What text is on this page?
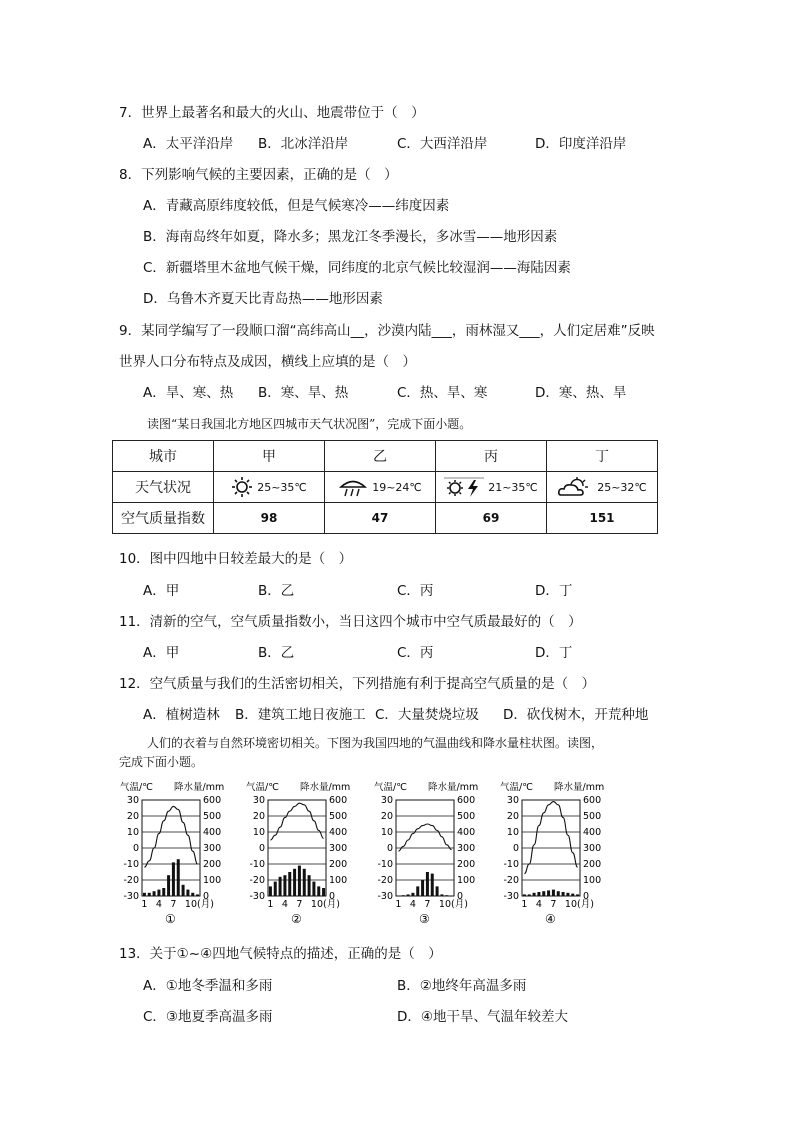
7．世界上最著名和最大的火山、地震带位于（　）
A．太平洋沿岸 B．北冰洋沿岸	C．大西洋沿岸	D．印度洋沿岸
8．下列影响气候的主要因素，正确的是（　）
A．青藏高原纬度较低，但是气候寒冷——纬度因素
B．海南岛终年如夏，降水多；黑龙江冬季漫长，多冰雪——地形因素
C．新疆塔里木盆地气候干燥，同纬度的北京气候比较湿润——海陆因素
D．乌鲁木齐夏天比青岛热——地形因素
9．某同学编写了一段顺口溜“高纬高山__，沙漠内陆___，雨林湿又___，人们定居难”反映
世界人口分布特点及成因，横线上应填的是（　）
A．旱、寒、热 B．寒、旱、热	C．热、旱、寒	D．寒、热、旱
读图“某日我国北方地区四城市天气状况图”，完成下面小题。
城市	甲	乙	丙	丁
天气状况	25~35℃	19~24℃	21~35℃	25~32℃

空气质量指数	98	47	69	151
10．图中四地中日较差最大的是（　）
A．甲	B．乙	C．丙	D．丁
11．清新的空气，空气质量指数小，当日这四个城市中空气质最最好的（　）
A．甲	B．乙	C．丙	D．丁
12．空气质量与我们的生活密切相关，下列措施有利于提高空气质量的是（　）
A．植树造林 B．建筑工地日夜施工 C．大量焚烧垃圾 D．砍伐树木，开荒种地
人们的衣着与自然环境密切相关。下图为我国四地的气温曲线和降水量柱状图。读图，
完成下面小题。
气温/℃ 降水量/mm
30	600
20	500
10	400
0	300
-10	200
-20	100
-30	0
1 4 7 10(月)
①
气温/℃ 降水量/mm
30	600
20	500
10	400
0	300
-10	200
-20	100
-30	0
1 4 7 10(月)
②
气温/℃ 降水量/mm
30	600
20	500
10	400
0	300
-10	200
-20	100
-30	0
1 4 7 10(月)
③
气温/℃ 降水量/mm
30	600
20	500
10	400
0	300
-10	200
-20	100
-30	0
1 4 7 10(月)
④
13．关于①~④四地气候特点的描述，正确的是（　）
A．①地冬季温和多雨	B．②地终年高温多雨
C．③地夏季高温多雨	D．④地干旱、气温年较差大
